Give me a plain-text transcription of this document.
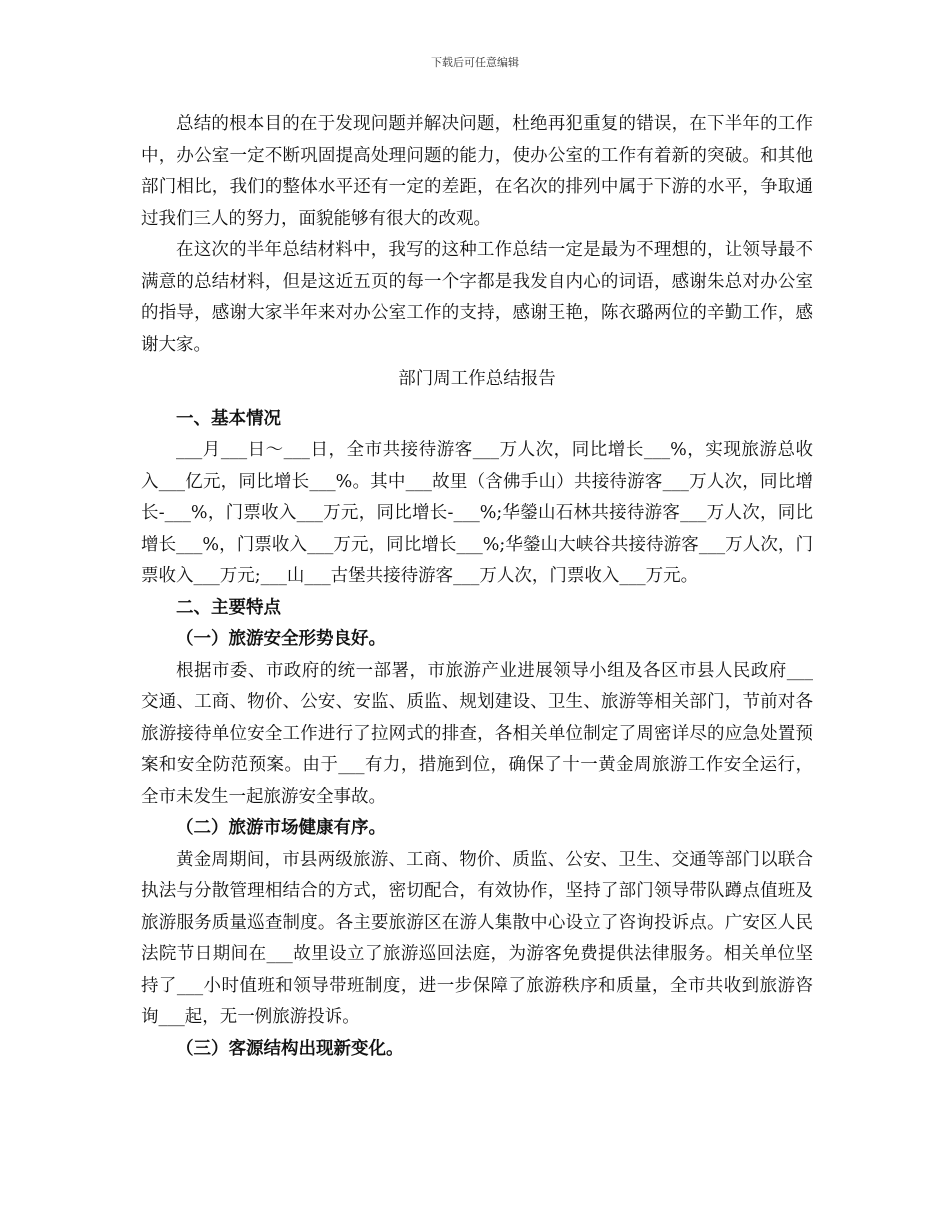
下载后可任意编辑

总结的根本目的在于发现问题并解决问题，杜绝再犯重复的错误，在下半年的工作中，办公室一定不断巩固提高处理问题的能力，使办公室的工作有着新的突破。和其他部门相比，我们的整体水平还有一定的差距，在名次的排列中属于下游的水平，争取通过我们三人的努力，面貌能够有很大的改观。

在这次的半年总结材料中，我写的这种工作总结一定是最为不理想的，让领导最不满意的总结材料，但是这近五页的每一个字都是我发自内心的词语，感谢朱总对办公室的指导，感谢大家半年来对办公室工作的支持，感谢王艳，陈衣璐两位的辛勤工作，感谢大家。

部门周工作总结报告

一、基本情况

___月___日～___日，全市共接待游客___万人次，同比增长___%，实现旅游总收入___亿元，同比增长___%。其中___故里（含佛手山）共接待游客___万人次，同比增长-___%，门票收入___万元，同比增长-___%;华鎣山石林共接待游客___万人次，同比增长___%，门票收入___万元，同比增长___%;华鎣山大峡谷共接待游客___万人次，门票收入___万元;___山___古堡共接待游客___万人次，门票收入___万元。

二、主要特点

（一）旅游安全形势良好。

根据市委、市政府的统一部署，市旅游产业进展领导小组及各区市县人民政府___交通、工商、物价、公安、安监、质监、规划建设、卫生、旅游等相关部门，节前对各旅游接待单位安全工作进行了拉网式的排查，各相关单位制定了周密详尽的应急处置预案和安全防范预案。由于___有力，措施到位，确保了十一黄金周旅游工作安全运行，全市未发生一起旅游安全事故。

（二）旅游市场健康有序。

黄金周期间，市县两级旅游、工商、物价、质监、公安、卫生、交通等部门以联合执法与分散管理相结合的方式，密切配合，有效协作，坚持了部门领导带队蹲点值班及旅游服务质量巡查制度。各主要旅游区在游人集散中心设立了咨询投诉点。广安区人民法院节日期间在___故里设立了旅游巡回法庭，为游客免费提供法律服务。相关单位坚持了___小时值班和领导带班制度，进一步保障了旅游秩序和质量，全市共收到旅游咨询___起，无一例旅游投诉。

（三）客源结构出现新变化。
